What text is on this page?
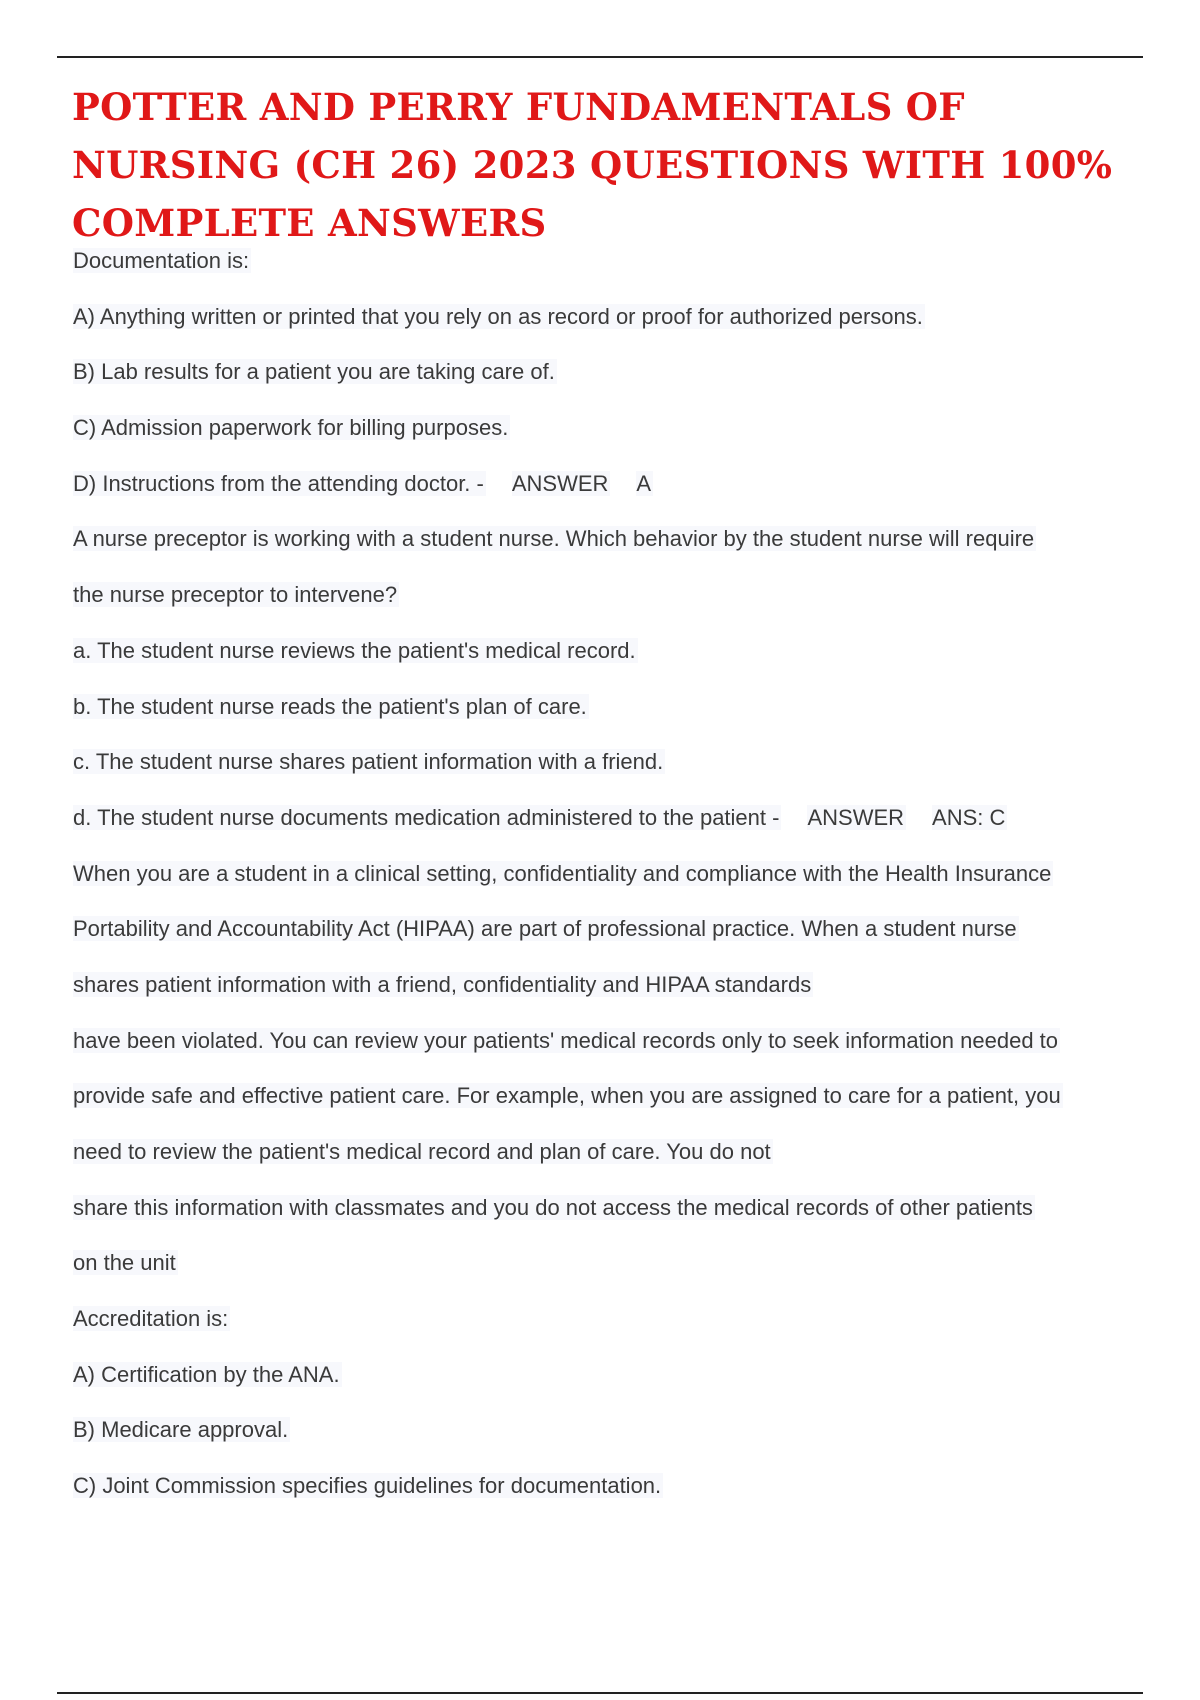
POTTER AND PERRY FUNDAMENTALS OF NURSING (CH 26) 2023 QUESTIONS WITH 100% COMPLETE ANSWERS
Documentation is:
A) Anything written or printed that you rely on as record or proof for authorized persons.
B) Lab results for a patient you are taking care of.
C) Admission paperwork for billing purposes.
D) Instructions from the attending doctor. - ANSWER A
A nurse preceptor is working with a student nurse. Which behavior by the student nurse will require
the nurse preceptor to intervene?
a. The student nurse reviews the patient's medical record.
b. The student nurse reads the patient's plan of care.
c. The student nurse shares patient information with a friend.
d. The student nurse documents medication administered to the patient - ANSWER ANS: C
When you are a student in a clinical setting, confidentiality and compliance with the Health Insurance
Portability and Accountability Act (HIPAA) are part of professional practice. When a student nurse
shares patient information with a friend, confidentiality and HIPAA standards
have been violated. You can review your patients' medical records only to seek information needed to
provide safe and effective patient care. For example, when you are assigned to care for a patient, you
need to review the patient's medical record and plan of care. You do not
share this information with classmates and you do not access the medical records of other patients
on the unit
Accreditation is:
A) Certification by the ANA.
B) Medicare approval.
C) Joint Commission specifies guidelines for documentation.
